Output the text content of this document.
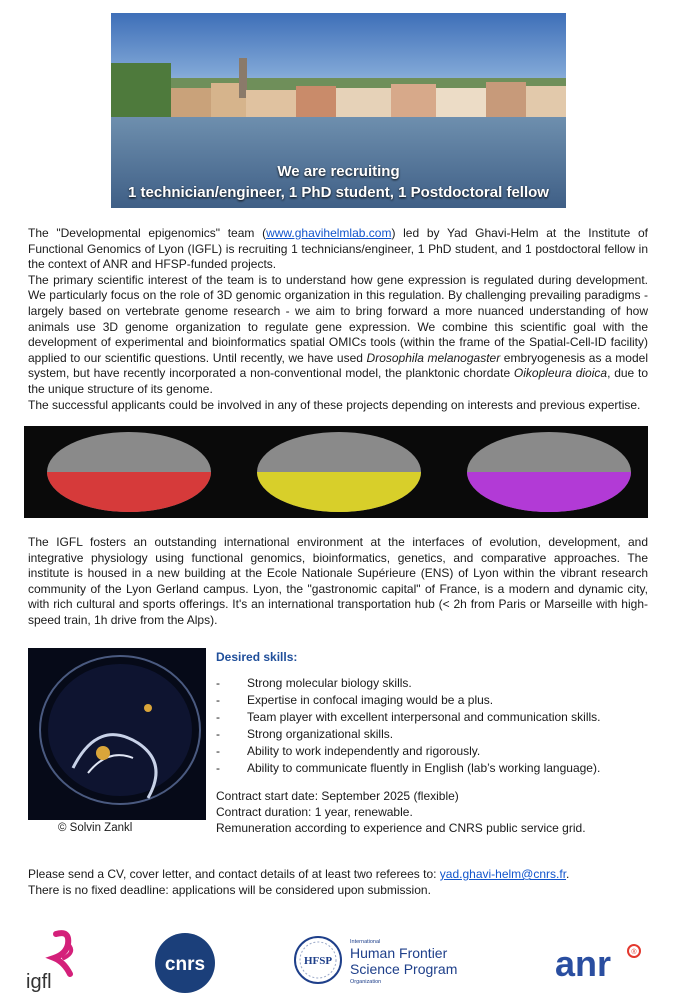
We are recruiting
1 technician/engineer, 1 PhD student, 1 Postdoctoral fellow
The "Developmental epigenomics" team (www.ghavihelmlab.com) led by Yad Ghavi-Helm at the Institute of Functional Genomics of Lyon (IGFL) is recruiting 1 technicians/engineer, 1 PhD student, and 1 postdoctoral fellow in the context of ANR and HFSP-funded projects.
The primary scientific interest of the team is to understand how gene expression is regulated during development. We particularly focus on the role of 3D genomic organization in this regulation. By challenging prevailing paradigms - largely based on vertebrate genome research - we aim to bring forward a more nuanced understanding of how animals use 3D genome organization to regulate gene expression. We combine this scientific goal with the development of experimental and bioinformatics spatial OMICs tools (within the frame of the Spatial-Cell-ID facility) applied to our scientific questions. Until recently, we have used Drosophila melanogaster embryogenesis as a model system, but have recently incorporated a non-conventional model, the planktonic chordate Oikopleura dioica, due to the unique structure of its genome.
The successful applicants could be involved in any of these projects depending on interests and previous expertise.
The IGFL fosters an outstanding international environment at the interfaces of evolution, development, and integrative physiology using functional genomics, bioinformatics, genetics, and comparative approaches. The institute is housed in a new building at the Ecole Nationale Supérieure (ENS) of Lyon within the vibrant research community of the Lyon Gerland campus. Lyon, the "gastronomic capital" of France, is a modern and dynamic city, with rich cultural and sports offerings. It's an international transportation hub (< 2h from Paris or Marseille with high-speed train, 1h drive from the Alps).
© Solvin Zankl
Desired skills:
- Strong molecular biology skills.
- Expertise in confocal imaging would be a plus.
- Team player with excellent interpersonal and communication skills.
- Strong organizational skills.
- Ability to work independently and rigorously.
- Ability to communicate fluently in English (lab’s working language).
Contract start date: September 2025 (flexible)
Contract duration: 1 year, renewable.
Remuneration according to experience and CNRS public service grid.
Please send a CV, cover letter, and contact details of at least two referees to: yad.ghavi-helm@cnrs.fr.
There is no fixed deadline: applications will be considered upon submission.
igfl
cnrs	HFSP
International
Human Frontier
Science Program
Organization	anr	®
